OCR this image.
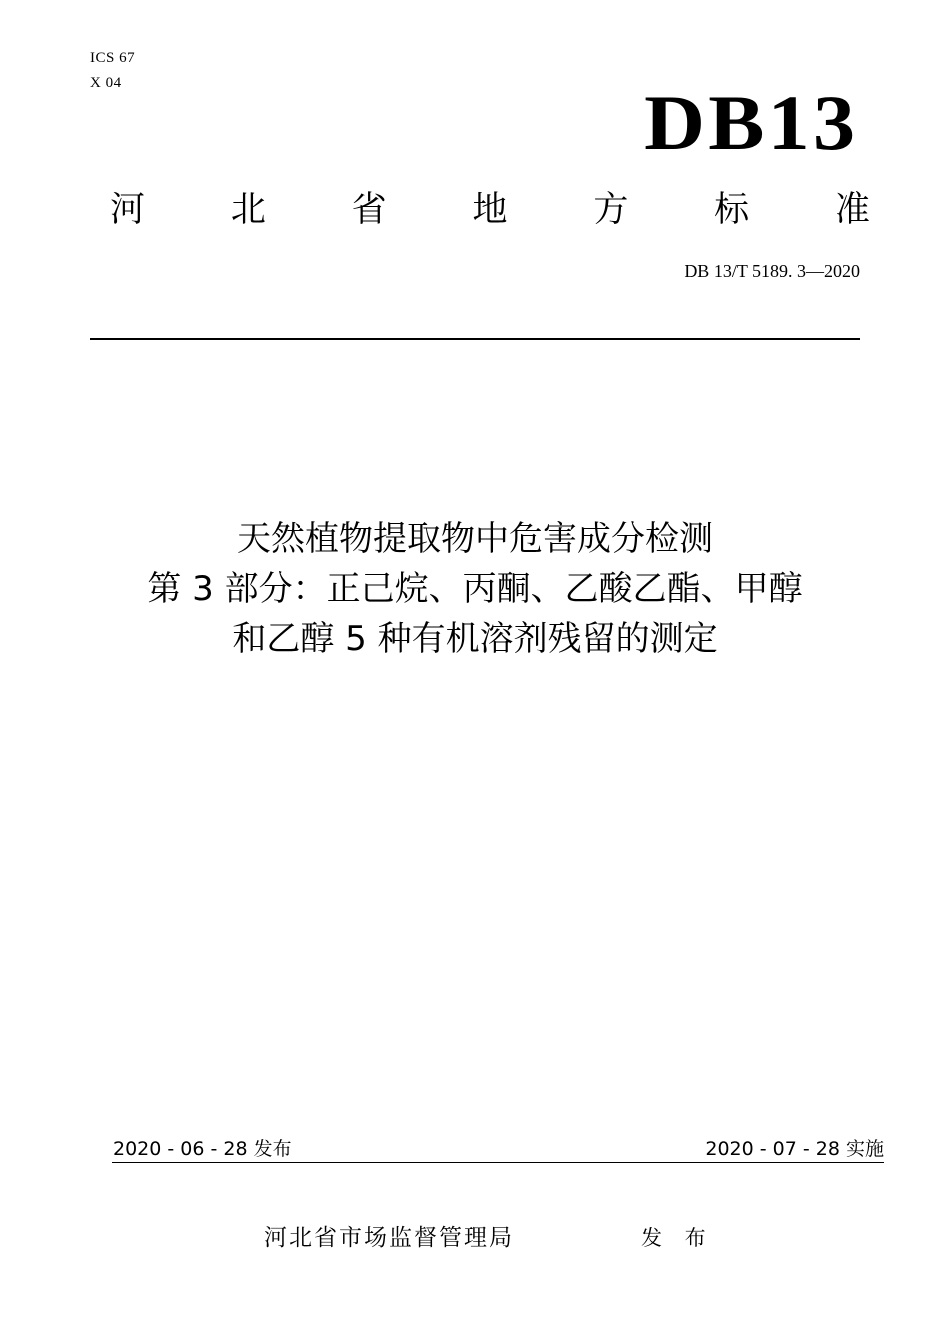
ICS 67
X 04	DB13
河 北 省 地 方 标 准
DB 13/T 5189. 3—2020
天然植物提取物中危害成分检测
第 3 部分：正己烷、丙酮、乙酸乙酯、甲醇
和乙醇 5 种有机溶剂残留的测定
2020 - 06 - 28 发布	2020 - 07 - 28 实施
河北省市场监督管理局	发 布
